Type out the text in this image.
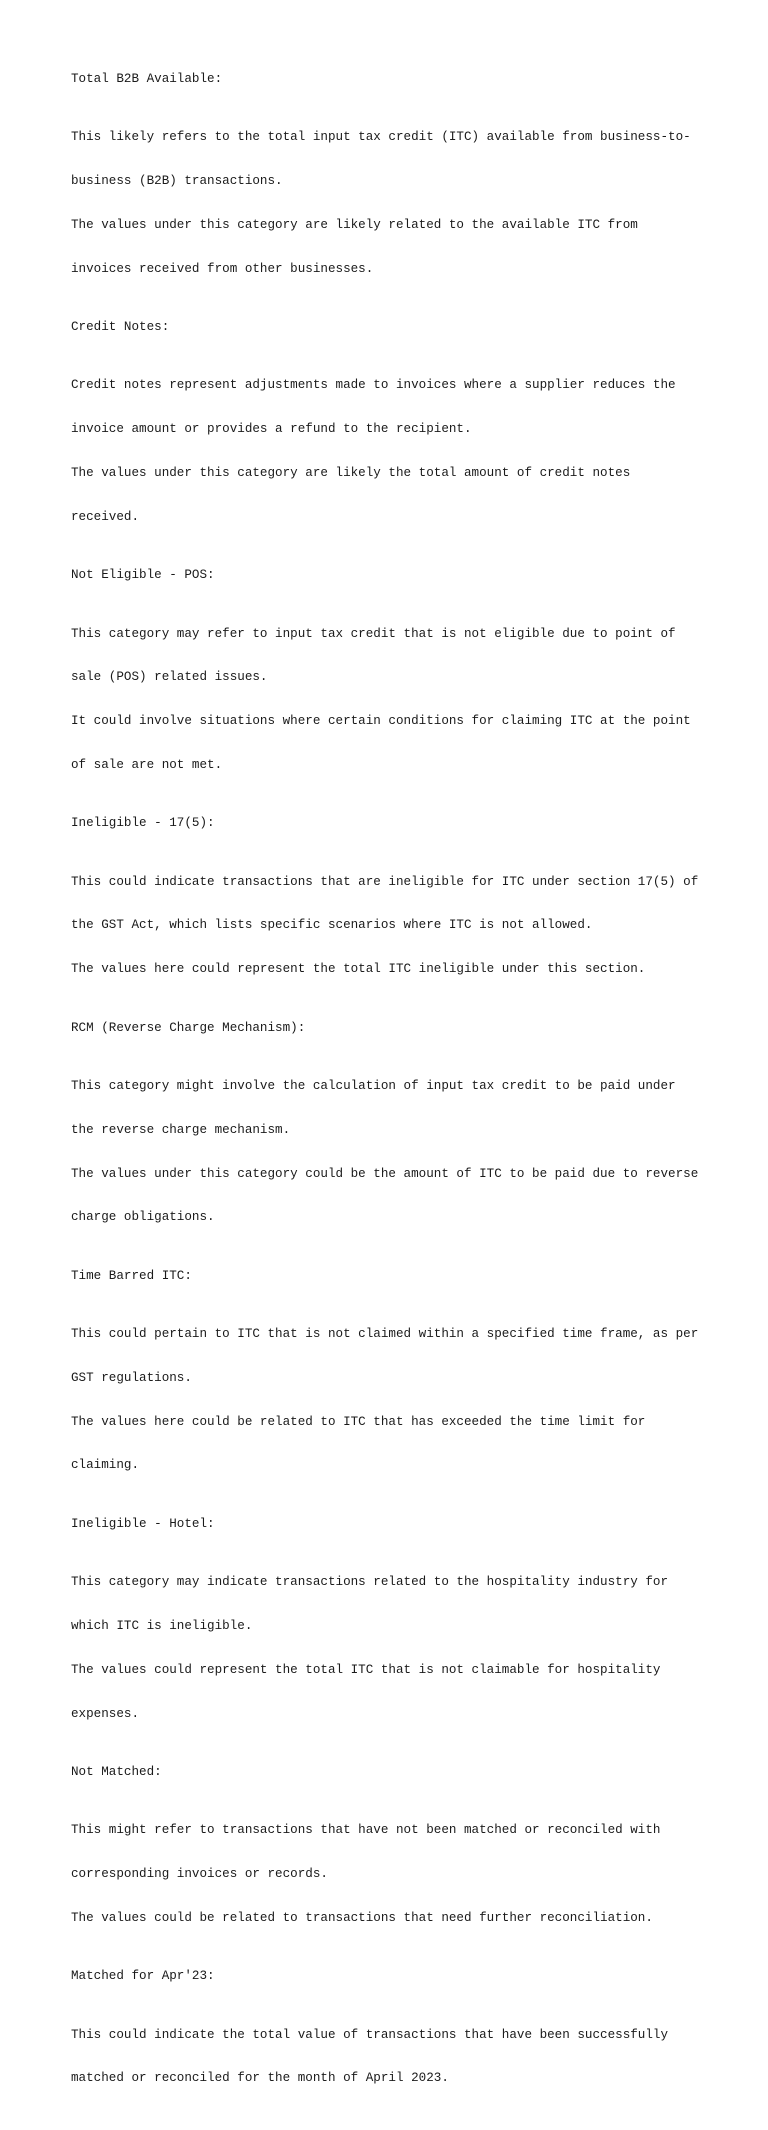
Total B2B Available:

This likely refers to the total input tax credit (ITC) available from business-to-

business (B2B) transactions.

The values under this category are likely related to the available ITC from

invoices received from other businesses.

Credit Notes:

Credit notes represent adjustments made to invoices where a supplier reduces the

invoice amount or provides a refund to the recipient.

The values under this category are likely the total amount of credit notes

received.

Not Eligible - POS:

This category may refer to input tax credit that is not eligible due to point of

sale (POS) related issues.

It could involve situations where certain conditions for claiming ITC at the point

of sale are not met.

Ineligible - 17(5):

This could indicate transactions that are ineligible for ITC under section 17(5) of

the GST Act, which lists specific scenarios where ITC is not allowed.

The values here could represent the total ITC ineligible under this section.

RCM (Reverse Charge Mechanism):

This category might involve the calculation of input tax credit to be paid under

the reverse charge mechanism.

The values under this category could be the amount of ITC to be paid due to reverse

charge obligations.

Time Barred ITC:

This could pertain to ITC that is not claimed within a specified time frame, as per

GST regulations.

The values here could be related to ITC that has exceeded the time limit for

claiming.

Ineligible - Hotel:

This category may indicate transactions related to the hospitality industry for

which ITC is ineligible.

The values could represent the total ITC that is not claimable for hospitality

expenses.

Not Matched:

This might refer to transactions that have not been matched or reconciled with

corresponding invoices or records.

The values could be related to transactions that need further reconciliation.

Matched for Apr'23:

This could indicate the total value of transactions that have been successfully

matched or reconciled for the month of April 2023.
